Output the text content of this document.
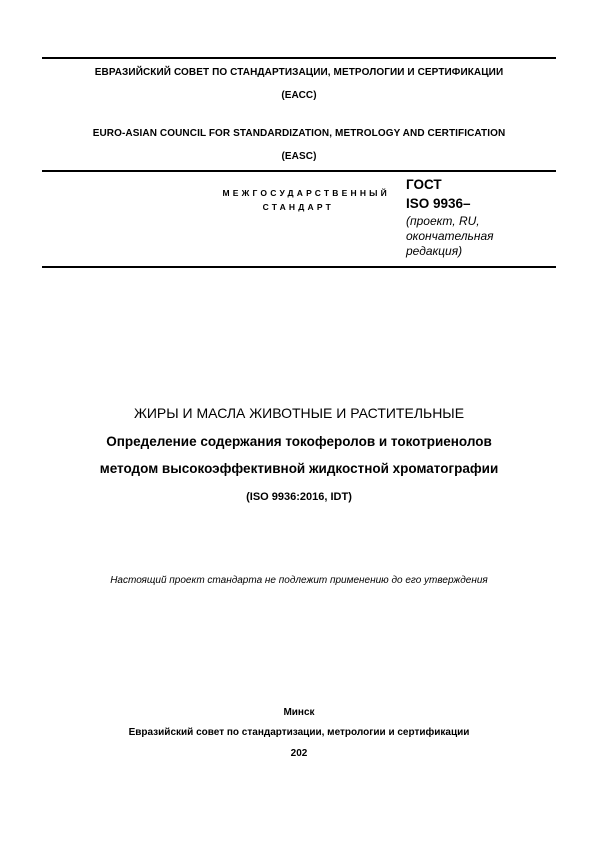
ЕВРАЗИЙСКИЙ СОВЕТ ПО СТАНДАРТИЗАЦИИ, МЕТРОЛОГИИ И СЕРТИФИКАЦИИ
(ЕАСС)
EURO-ASIAN COUNCIL FOR STANDARDIZATION, METROLOGY AND CERTIFICATION
(EASC)
МЕЖГОСУДАРСТВЕННЫЙ
СТАНДАРТ
ГОСТ
ISO 9936–
(проект, RU,
окончательная
редакция)
ЖИРЫ И МАСЛА ЖИВОТНЫЕ И РАСТИТЕЛЬНЫЕ
Определение содержания токоферолов и токотриенолов
методом высокоэффективной жидкостной хроматографии
(ISO 9936:2016, IDT)
Настоящий проект стандарта не подлежит применению до его утверждения
Минск
Евразийский совет по стандартизации, метрологии и сертификации
202
